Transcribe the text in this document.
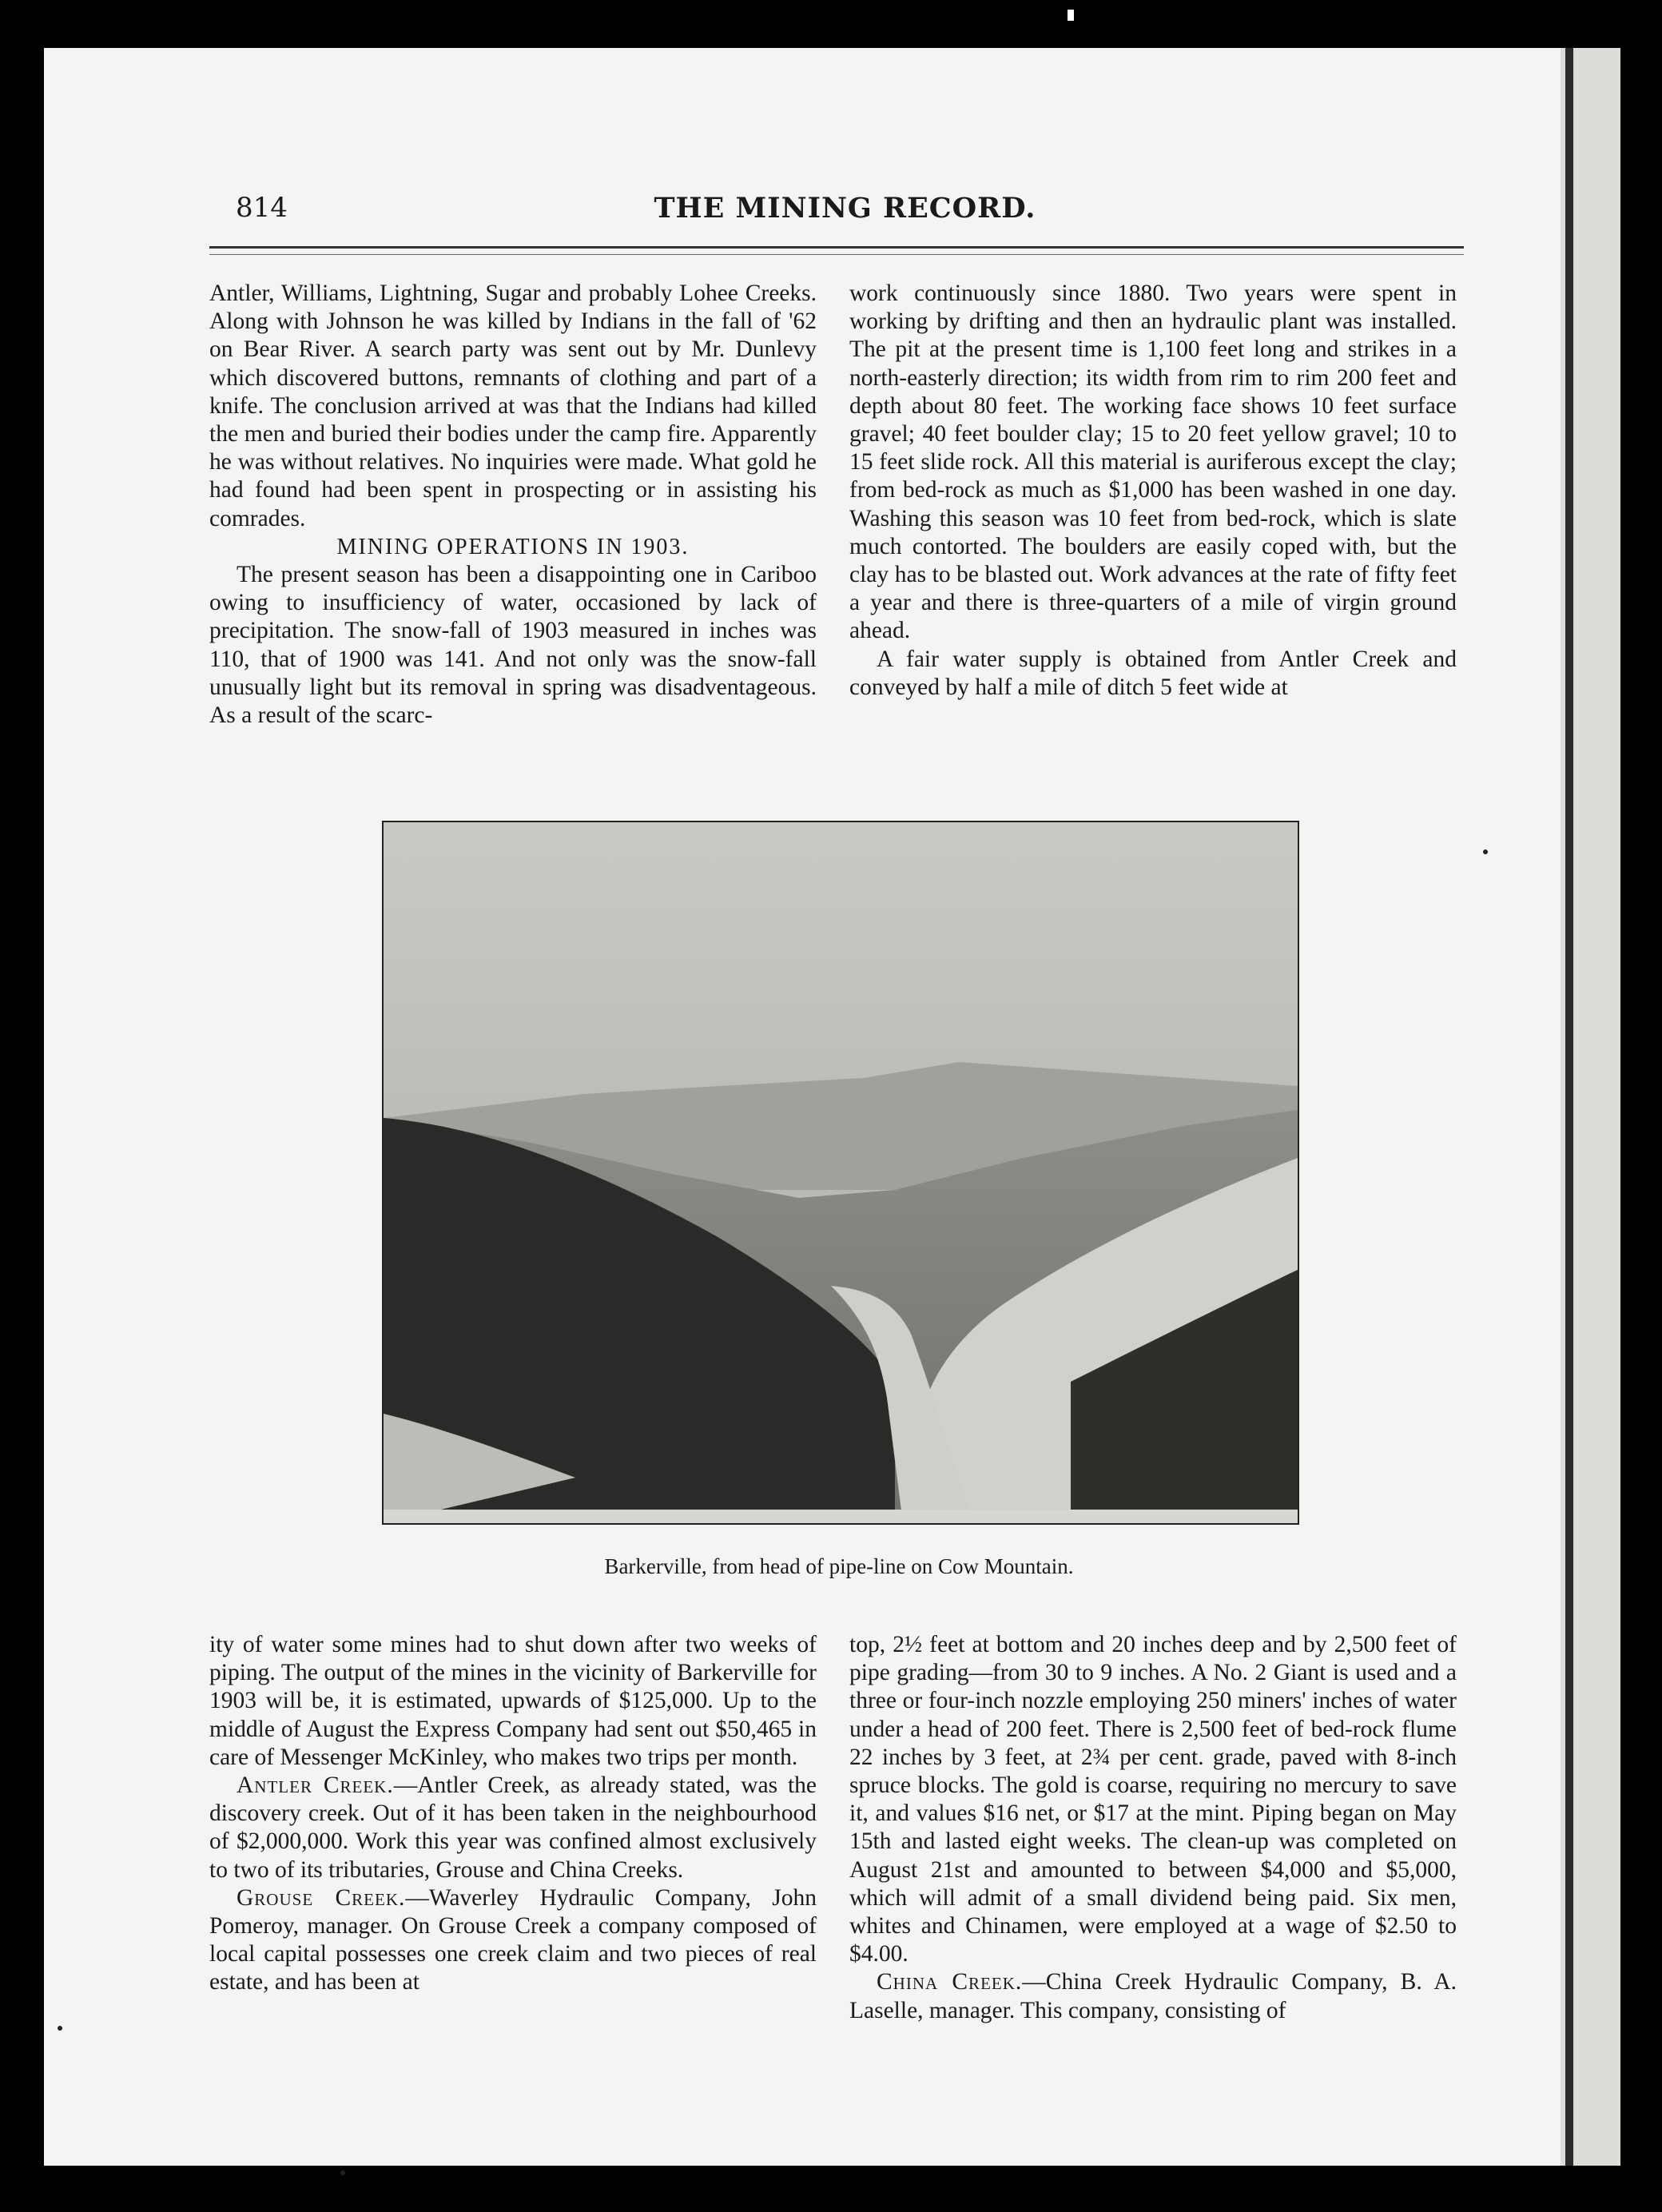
814	THE MINING RECORD.

Antler, Williams, Lightning, Sugar and probably Lohee Creeks. Along with Johnson he was killed by Indians in the fall of '62 on Bear River. A search party was sent out by Mr. Dunlevy which discovered buttons, remnants of clothing and part of a knife. The conclusion arrived at was that the Indians had killed the men and buried their bodies under the camp fire. Apparently he was without relatives. No inquiries were made. What gold he had found had been spent in prospecting or in assisting his comrades.

MINING OPERATIONS IN 1903.

The present season has been a disappointing one in Cariboo owing to insufficiency of water, occasioned by lack of precipitation. The snow-fall of 1903 measured in inches was 110, that of 1900 was 141. And not only was the snow-fall unusually light but its removal in spring was disadventageous. As a result of the scarc-

work continuously since 1880. Two years were spent in working by drifting and then an hydraulic plant was installed. The pit at the present time is 1,100 feet long and strikes in a north-easterly direction; its width from rim to rim 200 feet and depth about 80 feet. The working face shows 10 feet surface gravel; 40 feet boulder clay; 15 to 20 feet yellow gravel; 10 to 15 feet slide rock. All this material is auriferous except the clay; from bed-rock as much as $1,000 has been washed in one day. Washing this season was 10 feet from bed-rock, which is slate much contorted. The boulders are easily coped with, but the clay has to be blasted out. Work advances at the rate of fifty feet a year and there is three-quarters of a mile of virgin ground ahead.

A fair water supply is obtained from Antler Creek and conveyed by half a mile of ditch 5 feet wide at

Barkerville, from head of pipe-line on Cow Mountain.

ity of water some mines had to shut down after two weeks of piping. The output of the mines in the vicinity of Barkerville for 1903 will be, it is estimated, upwards of $125,000. Up to the middle of August the Express Company had sent out $50,465 in care of Messenger McKinley, who makes two trips per month.

Antler Creek.—Antler Creek, as already stated, was the discovery creek. Out of it has been taken in the neighbourhood of $2,000,000. Work this year was confined almost exclusively to two of its tributaries, Grouse and China Creeks.

Grouse Creek.—Waverley Hydraulic Company, John Pomeroy, manager. On Grouse Creek a company composed of local capital possesses one creek claim and two pieces of real estate, and has been at

top, 2½ feet at bottom and 20 inches deep and by 2,500 feet of pipe grading—from 30 to 9 inches. A No. 2 Giant is used and a three or four-inch nozzle employing 250 miners' inches of water under a head of 200 feet. There is 2,500 feet of bed-rock flume 22 inches by 3 feet, at 2¾ per cent. grade, paved with 8-inch spruce blocks. The gold is coarse, requiring no mercury to save it, and values $16 net, or $17 at the mint. Piping began on May 15th and lasted eight weeks. The clean-up was completed on August 21st and amounted to between $4,000 and $5,000, which will admit of a small dividend being paid. Six men, whites and Chinamen, were employed at a wage of $2.50 to $4.00.

China Creek.—China Creek Hydraulic Company, B. A. Laselle, manager. This company, consisting of
